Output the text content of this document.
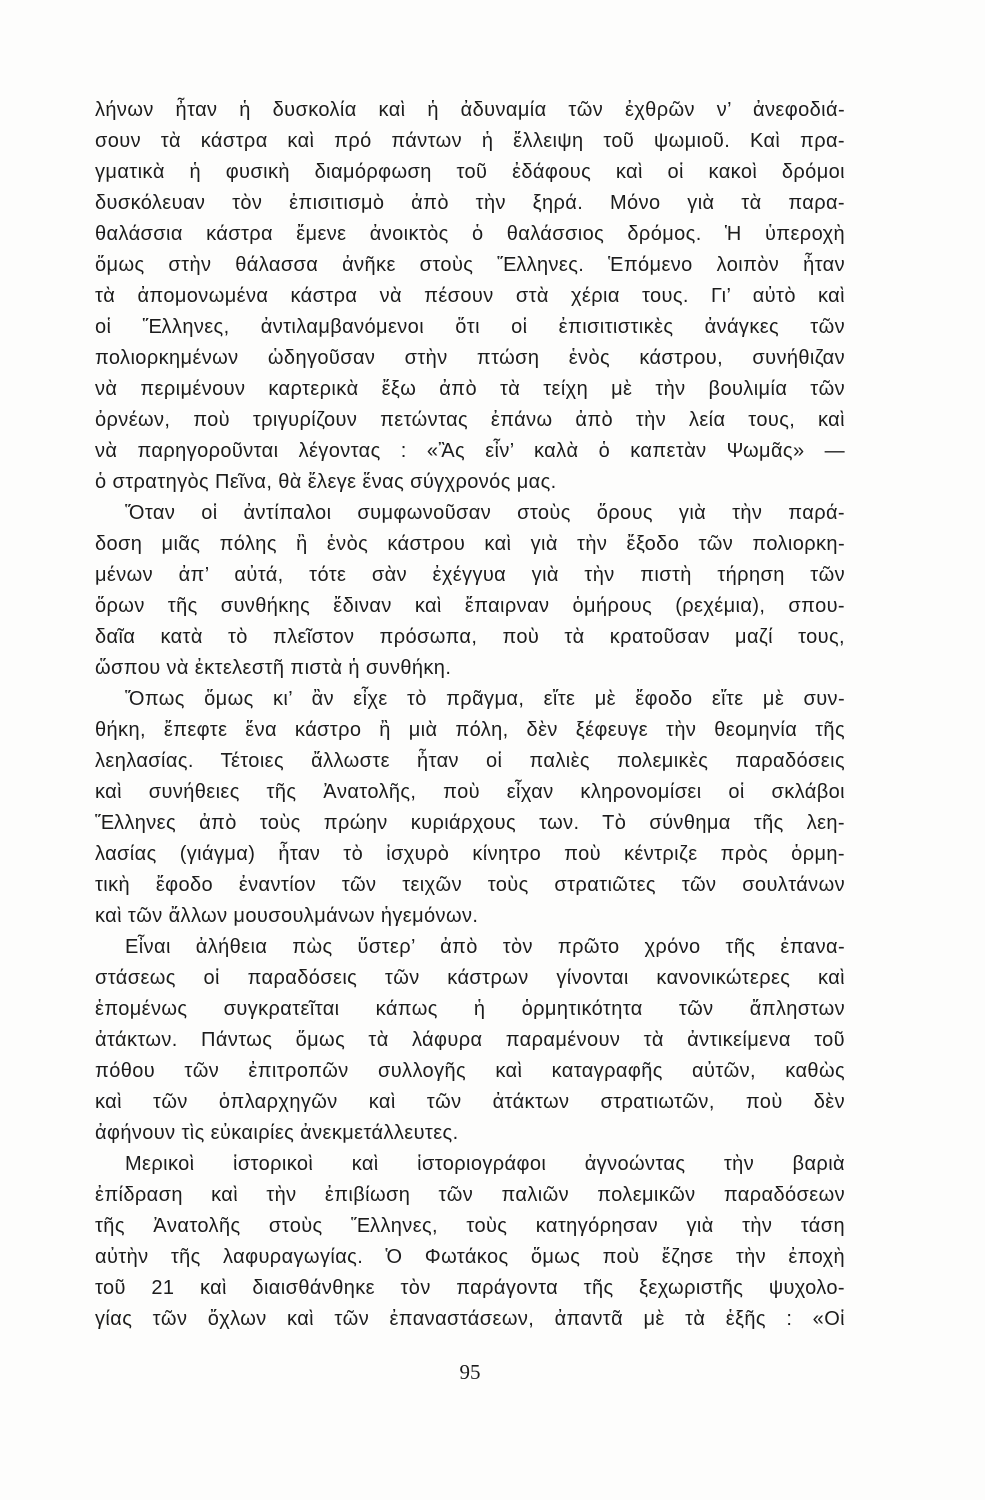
λήνων ἦταν ἡ δυσκολία καὶ ἡ ἀδυναμία τῶν ἐχθρῶν ν’ ἀνεφοδιά-
σουν τὰ κάστρα καὶ πρό πάντων ἡ ἔλλειψη τοῦ ψωμιοῦ. Καὶ πρα-
γματικὰ ἡ φυσικὴ διαμόρφωση τοῦ ἐδάφους καὶ οἱ κακοὶ δρόμοι
δυσκόλευαν τὸν ἐπισιτισμὸ ἀπὸ τὴν ξηρά. Μόνο γιὰ τὰ παρα-
θαλάσσια κάστρα ἔμενε ἀνοικτὸς ὁ θαλάσσιος δρόμος. Ἡ ὑπεροχὴ
ὅμως στὴν θάλασσα ἀνῆκε στοὺς Ἕλληνες. Ἑπόμενο λοιπὸν ἦταν
τὰ ἀπομονωμένα κάστρα νὰ πέσουν στὰ χέρια τους. Γι’ αὐτὸ καὶ
οἱ Ἕλληνες, ἀντιλαμβανόμενοι ὅτι οἱ ἐπισιτιστικὲς ἀνάγκες τῶν
πολιορκημένων ὡδηγοῦσαν στὴν πτώση ἑνὸς κάστρου, συνήθιζαν
νὰ περιμένουν καρτερικὰ ἔξω ἀπὸ τὰ τείχη μὲ τὴν βουλιμία τῶν
ὀρνέων, ποὺ τριγυρίζουν πετώντας ἐπάνω ἀπὸ τὴν λεία τους, καὶ
νὰ παρηγοροῦνται λέγοντας : «Ἂς εἶν’ καλὰ ὁ καπετὰν Ψωμᾶς» —
ὁ στρατηγὸς Πεῖνα, θὰ ἔλεγε ἕνας σύγχρονός μας.
Ὅταν οἱ ἀντίπαλοι συμφωνοῦσαν στοὺς ὅρους γιὰ τὴν παρά-
δοση μιᾶς πόλης ἢ ἑνὸς κάστρου καὶ γιὰ τὴν ἔξοδο τῶν πολιορκη-
μένων ἀπ’ αὐτά, τότε σὰν ἐχέγγυα γιὰ τὴν πιστὴ τήρηση τῶν
ὅρων τῆς συνθήκης ἔδιναν καὶ ἔπαιρναν ὁμήρους (ρεχέμια), σπου-
δαῖα κατὰ τὸ πλεῖστον πρόσωπα, ποὺ τὰ κρατοῦσαν μαζί τους,
ὥσπου νὰ ἐκτελεστῆ πιστὰ ἡ συνθήκη.
Ὅπως ὅμως κι’ ἂν εἶχε τὸ πρᾶγμα, εἴτε μὲ ἔφοδο εἴτε μὲ συν-
θήκη, ἔπεφτε ἕνα κάστρο ἢ μιὰ πόλη, δὲν ξέφευγε τὴν θεομηνία τῆς
λεηλασίας. Τέτοιες ἄλλωστε ἦταν οἱ παλιὲς πολεμικὲς παραδόσεις
καὶ συνήθειες τῆς Ἀνατολῆς, ποὺ εἶχαν κληρονομίσει οἱ σκλάβοι
Ἕλληνες ἀπὸ τοὺς πρώην κυριάρχους των. Τὸ σύνθημα τῆς λεη-
λασίας (γιάγμα) ἦταν τὸ ἰσχυρὸ κίνητρο ποὺ κέντριζε πρὸς ὁρμη-
τικὴ ἔφοδο ἐναντίον τῶν τειχῶν τοὺς στρατιῶτες τῶν σουλτάνων
καὶ τῶν ἄλλων μουσουλμάνων ἡγεμόνων.
Εἶναι ἀλήθεια πὼς ὕστερ’ ἀπὸ τὸν πρῶτο χρόνο τῆς ἐπανα-
στάσεως οἱ παραδόσεις τῶν κάστρων γίνονται κανονικώτερες καὶ
ἑπομένως συγκρατεῖται κάπως ἡ ὁρμητικότητα τῶν ἄπληστων
ἀτάκτων. Πάντως ὅμως τὰ λάφυρα παραμένουν τὰ ἀντικείμενα τοῦ
πόθου τῶν ἐπιτροπῶν συλλογῆς καὶ καταγραφῆς αὐτῶν, καθὼς
καὶ τῶν ὁπλαρχηγῶν καὶ τῶν ἀτάκτων στρατιωτῶν, ποὺ δὲν
ἀφήνουν τὶς εὐκαιρίες ἀνεκμετάλλευτες.
Μερικοὶ ἱστορικοὶ καὶ ἱστοριογράφοι ἀγνοώντας τὴν βαριὰ
ἐπίδραση καὶ τὴν ἐπιβίωση τῶν παλιῶν πολεμικῶν παραδόσεων
τῆς Ἀνατολῆς στοὺς Ἕλληνες, τοὺς κατηγόρησαν γιὰ τὴν τάση
αὐτὴν τῆς λαφυραγωγίας. Ὁ Φωτάκος ὅμως ποὺ ἔζησε τὴν ἐποχὴ
τοῦ 21 καὶ διαισθάνθηκε τὸν παράγοντα τῆς ξεχωριστῆς ψυχολο-
γίας τῶν ὄχλων καὶ τῶν ἐπαναστάσεων, ἀπαντᾶ μὲ τὰ ἑξῆς : «Οἱ
95
